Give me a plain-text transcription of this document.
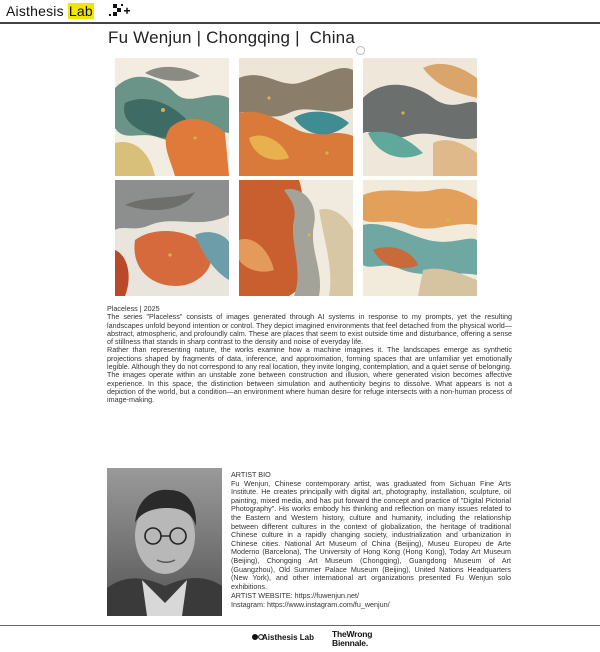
Aisthesis Lab
Fu Wenjun | Chongqing |  China

Placeless | 2025

The series "Placeless" consists of images generated through AI systems in response to my prompts, yet the resulting landscapes unfold beyond intention or control. They depict imagined environments that feel detached from the physical world—abstract, atmospheric, and profoundly calm. These are places that seem to exist outside time and disturbance, offering a sense of stillness that stands in sharp contrast to the density and noise of everyday life.

Rather than representing nature, the works examine how a machine imagines it. The landscapes emerge as synthetic projections shaped by fragments of data, inference, and approximation, forming spaces that are unfamiliar yet emotionally legible. Although they do not correspond to any real location, they invite longing, contemplation, and a quiet sense of belonging.

The images operate within an unstable zone between construction and illusion, where generated vision becomes affective experience. In this space, the distinction between simulation and authenticity begins to dissolve. What appears is not a depiction of the world, but a condition—an environment where human desire for refuge intersects with a non-human process of image-making.

ARTIST BIO

Fu Wenjun, Chinese contemporary artist, was graduated from Sichuan Fine Arts Institute. He creates principally with digital art, photography, installation, sculpture, oil painting, mixed media, and has put forward the concept and practice of "Digital Pictorial Photography". His works embody his thinking and reflection on many issues related to the Eastern and Western history, culture and humanity, including the relationship between different cultures in the context of globalization, the heritage of traditional Chinese culture in a rapidly changing society, industrialization and urbanization in Chinese cities. National Art Museum of China (Beijing), Museu Europeu de Arte Moderno (Barcelona), The University of Hong Kong (Hong Kong), Today Art Museum (Beijing), Chongqing Art Museum (Chongqing), Guangdong Museum of Art (Guangzhou), Old Summer Palace Museum (Beijing), United Nations Headquarters (New York), and other international art organizations presented Fu Wenjun solo exhibitions.

ARTIST WEBSITE: https://fuwenjun.net/
Instagram: https://www.instagram.com/fu_wenjun/
Aisthesis Lab TheWrong
Biennale.
